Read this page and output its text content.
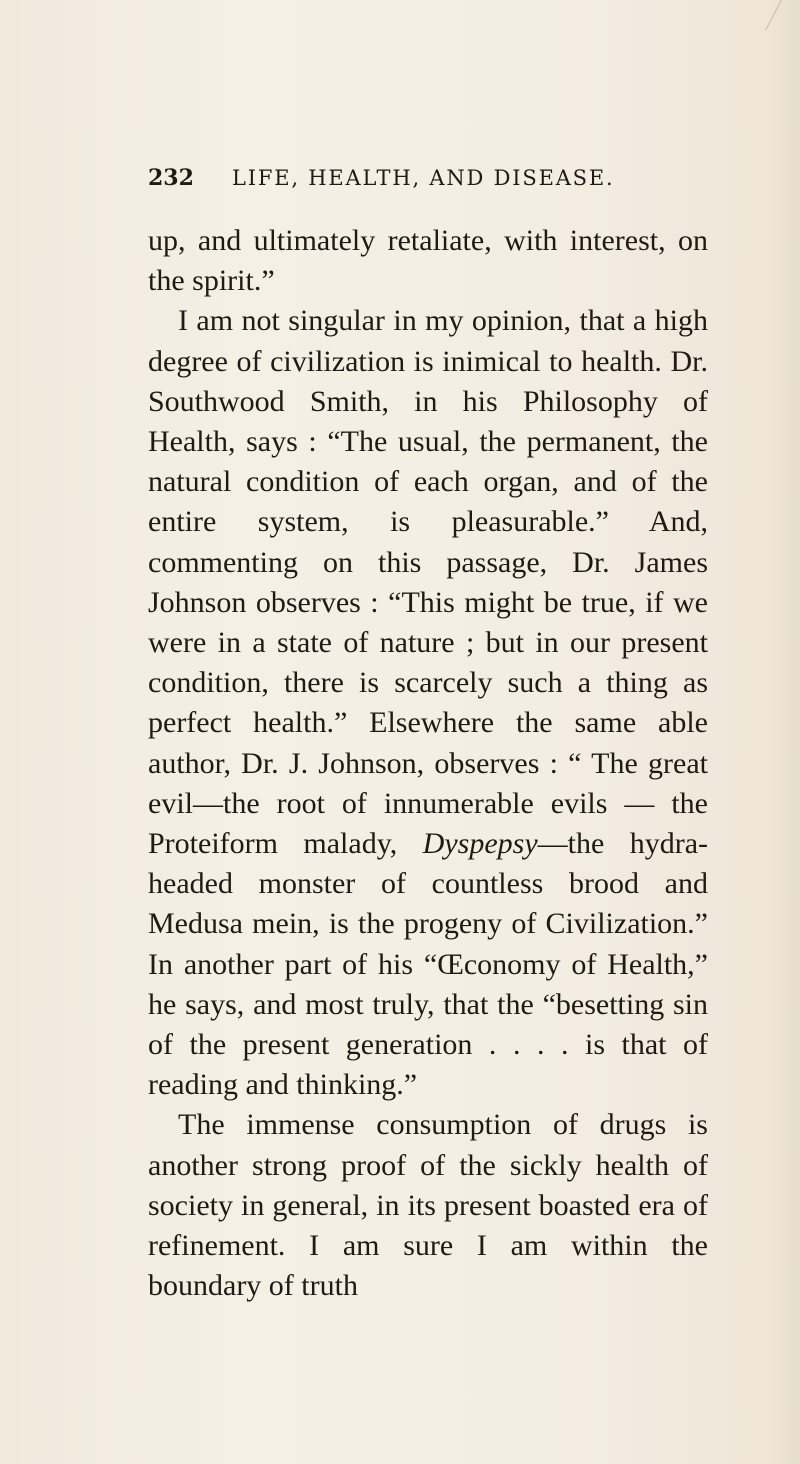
232 LIFE, HEALTH, AND DISEASE.

up, and ultimately retaliate, with interest, on the spirit.”

I am not singular in my opinion, that a high degree of civilization is inimical to health. Dr. Southwood Smith, in his Philosophy of Health, says : “The usual, the permanent, the natural condition of each organ, and of the entire system, is pleasurable.” And, commenting on this passage, Dr. James Johnson observes : “This might be true, if we were in a state of nature ; but in our present condition, there is scarcely such a thing as perfect health.” Elsewhere the same able author, Dr. J. Johnson, observes : “ The great evil—the root of innumerable evils — the Proteiform malady, Dyspepsy—the hydra-headed monster of countless brood and Medusa mein, is the progeny of Civilization.” In another part of his “Œconomy of Health,” he says, and most truly, that the “besetting sin of the present generation . . . . is that of reading and thinking.”

The immense consumption of drugs is another strong proof of the sickly health of society in general, in its present boasted era of refinement. I am sure I am within the boundary of truth
